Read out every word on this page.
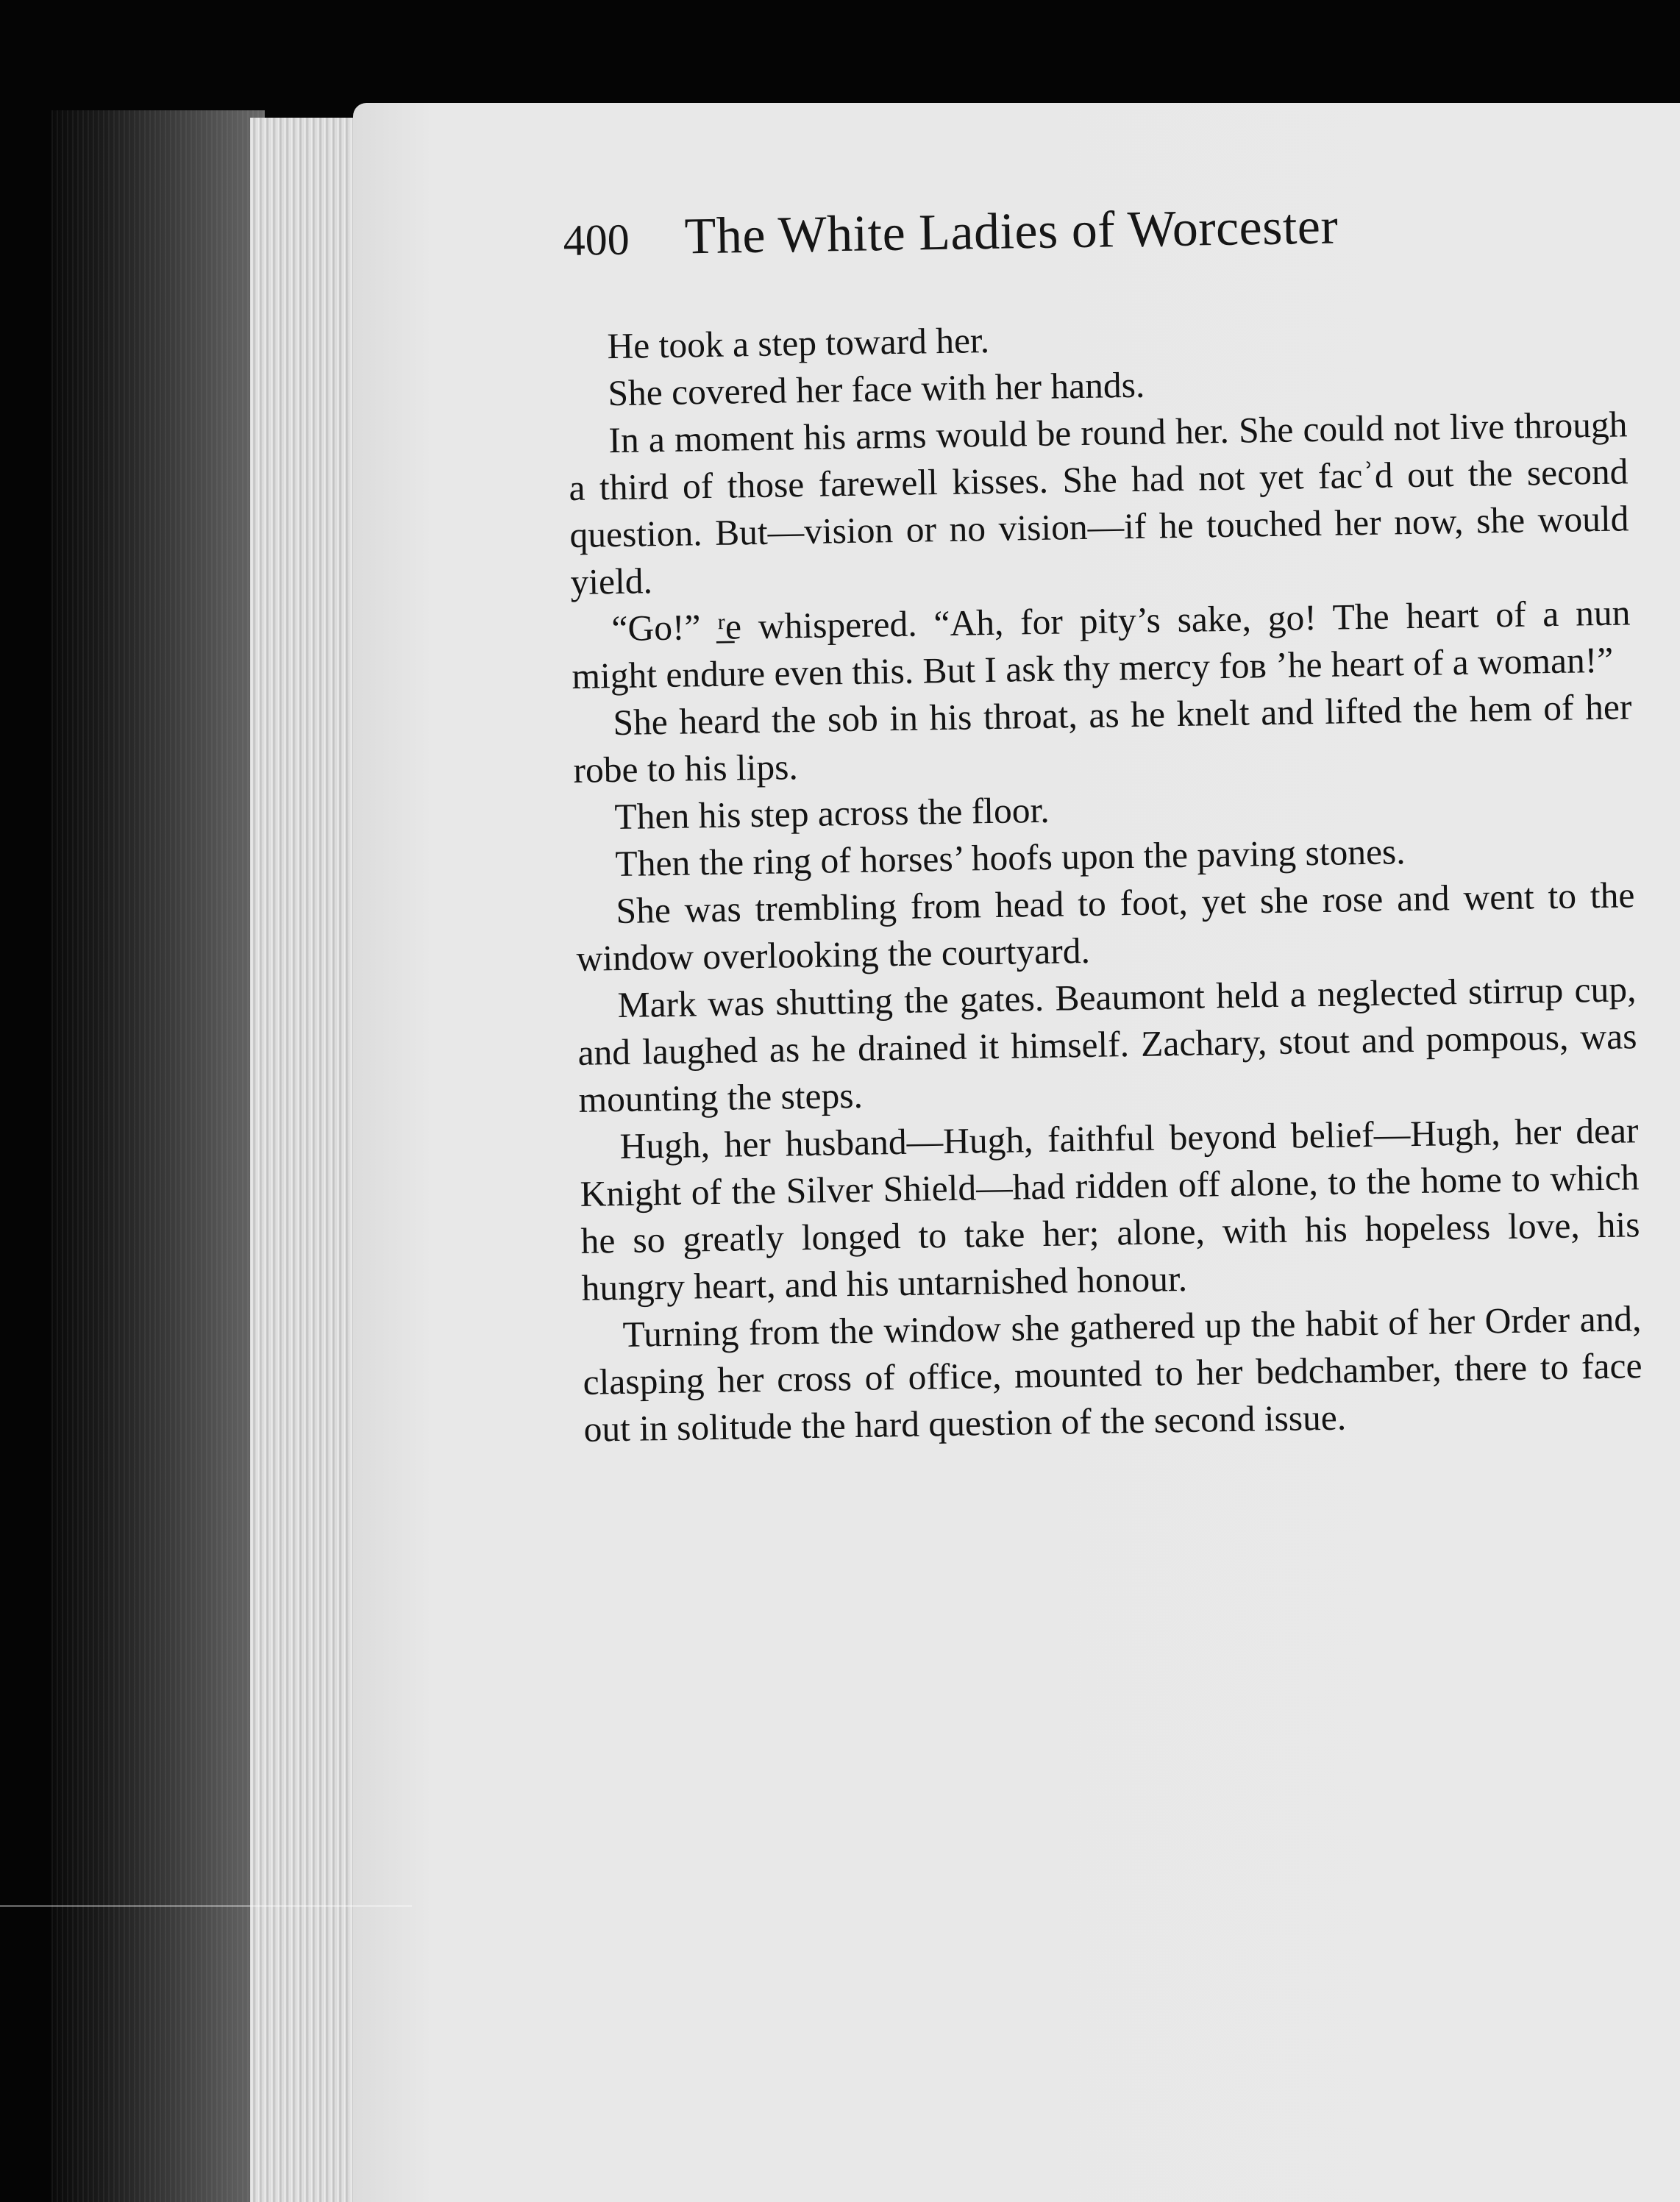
400 The White Ladies of Worcester

He took a step toward her.

She covered her face with her hands.

In a moment his arms would be round her. She could not live through a third of those farewell kisses. She had not yet facʾd out the second question. But—vision or no vision—if he touched her now, she would yield.

“Go!” ʳ̲e whispered. “Ah, for pity’s sake, go! The heart of a nun might endure even this. But I ask thy mercy foʙ ʼhe heart of a woman!”

She heard the sob in his throat, as he knelt and lifted the hem of her robe to his lips.

Then his step across the floor.

Then the ring of horses’ hoofs upon the paving stones.

She was trembling from head to foot, yet she rose and went to the window overlooking the courtyard.

Mark was shutting the gates. Beaumont held a neglected stirrup cup, and laughed as he drained it himself. Zachary, stout and pompous, was mounting the steps.

Hugh, her husband—Hugh, faithful beyond belief—Hugh, her dear Knight of the Silver Shield—had ridden off alone, to the home to which he so greatly longed to take her; alone, with his hopeless love, his hungry heart, and his untarnished honour.

Turning from the window she gathered up the habit of her Order and, clasping her cross of office, mounted to her bedchamber, there to face out in solitude the hard question of the second issue.
